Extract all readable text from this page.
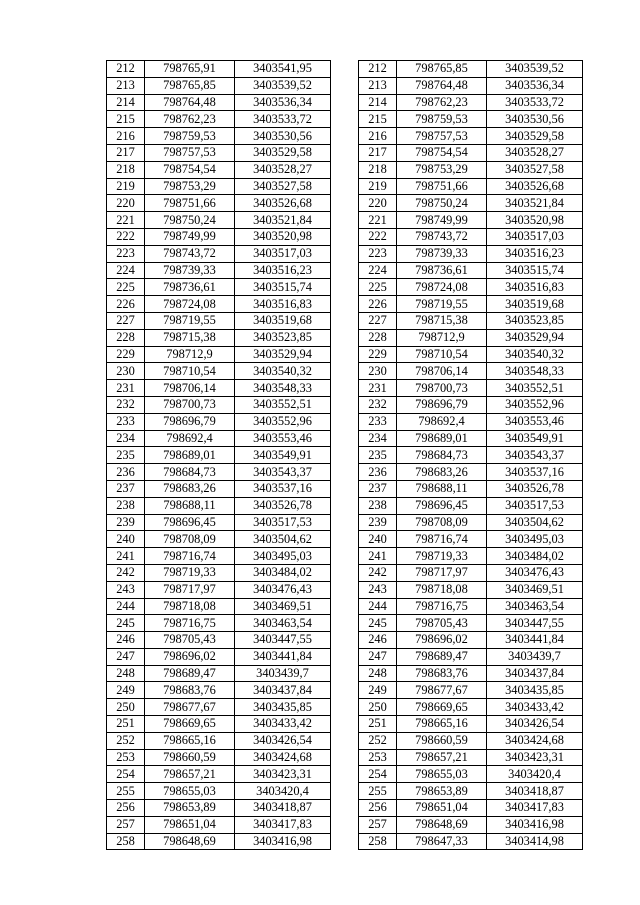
212	798765,91	3403541,95
213	798765,85	3403539,52
214	798764,48	3403536,34
215	798762,23	3403533,72
216	798759,53	3403530,56
217	798757,53	3403529,58
218	798754,54	3403528,27
219	798753,29	3403527,58
220	798751,66	3403526,68
221	798750,24	3403521,84
222	798749,99	3403520,98
223	798743,72	3403517,03
224	798739,33	3403516,23
225	798736,61	3403515,74
226	798724,08	3403516,83
227	798719,55	3403519,68
228	798715,38	3403523,85
229	798712,9	3403529,94
230	798710,54	3403540,32
231	798706,14	3403548,33
232	798700,73	3403552,51
233	798696,79	3403552,96
234	798692,4	3403553,46
235	798689,01	3403549,91
236	798684,73	3403543,37
237	798683,26	3403537,16
238	798688,11	3403526,78
239	798696,45	3403517,53
240	798708,09	3403504,62
241	798716,74	3403495,03
242	798719,33	3403484,02
243	798717,97	3403476,43
244	798718,08	3403469,51
245	798716,75	3403463,54
246	798705,43	3403447,55
247	798696,02	3403441,84
248	798689,47	3403439,7
249	798683,76	3403437,84
250	798677,67	3403435,85
251	798669,65	3403433,42
252	798665,16	3403426,54
253	798660,59	3403424,68
254	798657,21	3403423,31
255	798655,03	3403420,4
256	798653,89	3403418,87
257	798651,04	3403417,83
258	798648,69	3403416,98
212	798765,85	3403539,52
213	798764,48	3403536,34
214	798762,23	3403533,72
215	798759,53	3403530,56
216	798757,53	3403529,58
217	798754,54	3403528,27
218	798753,29	3403527,58
219	798751,66	3403526,68
220	798750,24	3403521,84
221	798749,99	3403520,98
222	798743,72	3403517,03
223	798739,33	3403516,23
224	798736,61	3403515,74
225	798724,08	3403516,83
226	798719,55	3403519,68
227	798715,38	3403523,85
228	798712,9	3403529,94
229	798710,54	3403540,32
230	798706,14	3403548,33
231	798700,73	3403552,51
232	798696,79	3403552,96
233	798692,4	3403553,46
234	798689,01	3403549,91
235	798684,73	3403543,37
236	798683,26	3403537,16
237	798688,11	3403526,78
238	798696,45	3403517,53
239	798708,09	3403504,62
240	798716,74	3403495,03
241	798719,33	3403484,02
242	798717,97	3403476,43
243	798718,08	3403469,51
244	798716,75	3403463,54
245	798705,43	3403447,55
246	798696,02	3403441,84
247	798689,47	3403439,7
248	798683,76	3403437,84
249	798677,67	3403435,85
250	798669,65	3403433,42
251	798665,16	3403426,54
252	798660,59	3403424,68
253	798657,21	3403423,31
254	798655,03	3403420,4
255	798653,89	3403418,87
256	798651,04	3403417,83
257	798648,69	3403416,98
258	798647,33	3403414,98
